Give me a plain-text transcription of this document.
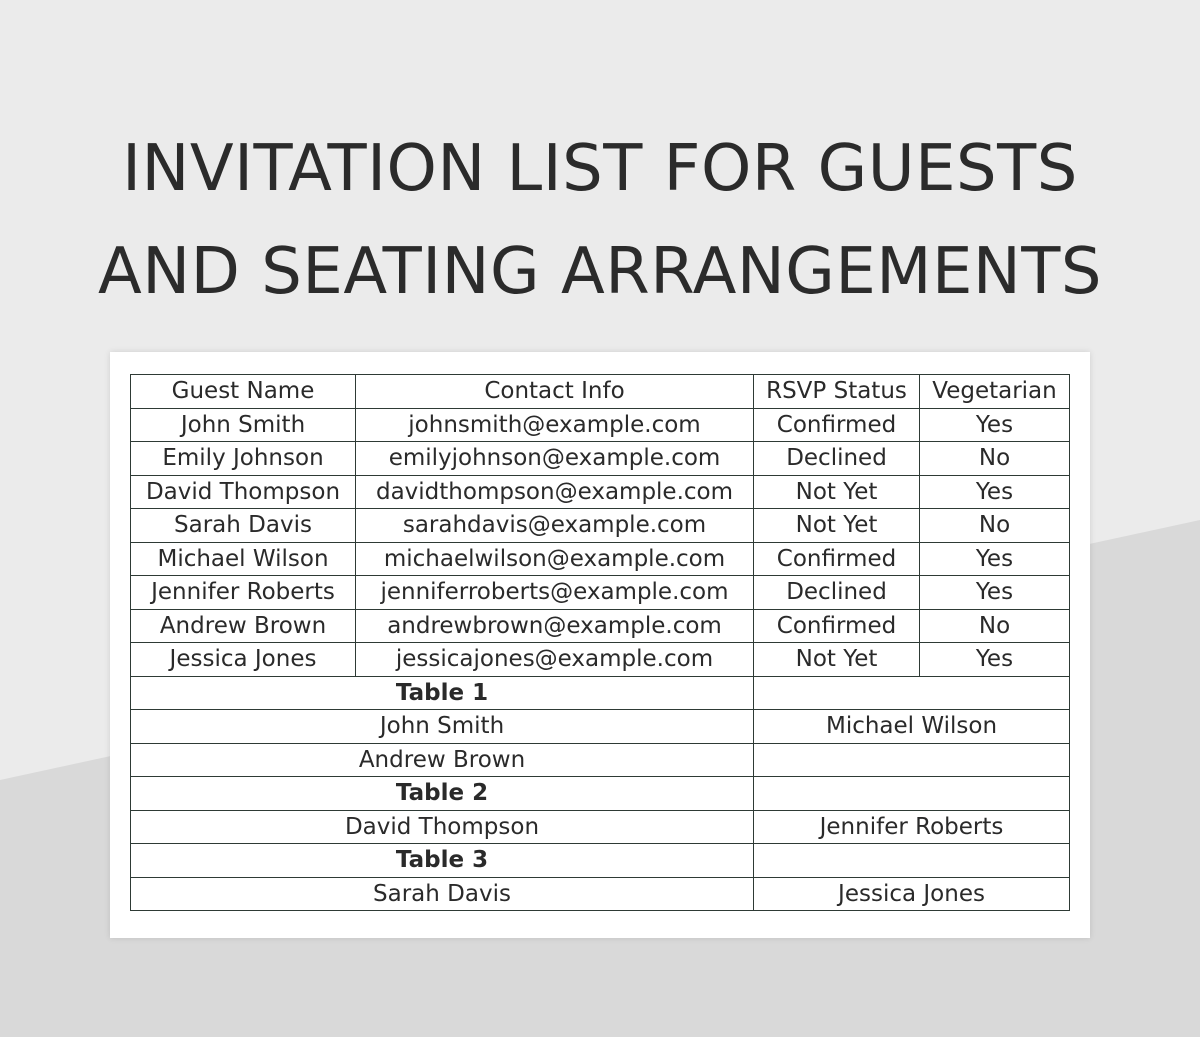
INVITATION LIST FOR GUESTS
AND SEATING ARRANGEMENTS
Guest Name	Contact Info	RSVP Status	Vegetarian
John Smith	johnsmith@example.com	Confirmed	Yes
Emily Johnson	emilyjohnson@example.com	Declined	No
David Thompson	davidthompson@example.com	Not Yet	Yes
Sarah Davis	sarahdavis@example.com	Not Yet	No
Michael Wilson	michaelwilson@example.com	Confirmed	Yes
Jennifer Roberts	jenniferroberts@example.com	Declined	Yes
Andrew Brown	andrewbrown@example.com	Confirmed	No
Jessica Jones	jessicajones@example.com	Not Yet	Yes
Table 1			
John Smith		Michael Wilson	
Andrew Brown			
Table 2			
David Thompson		Jennifer Roberts	
Table 3			
Sarah Davis		Jessica Jones	
